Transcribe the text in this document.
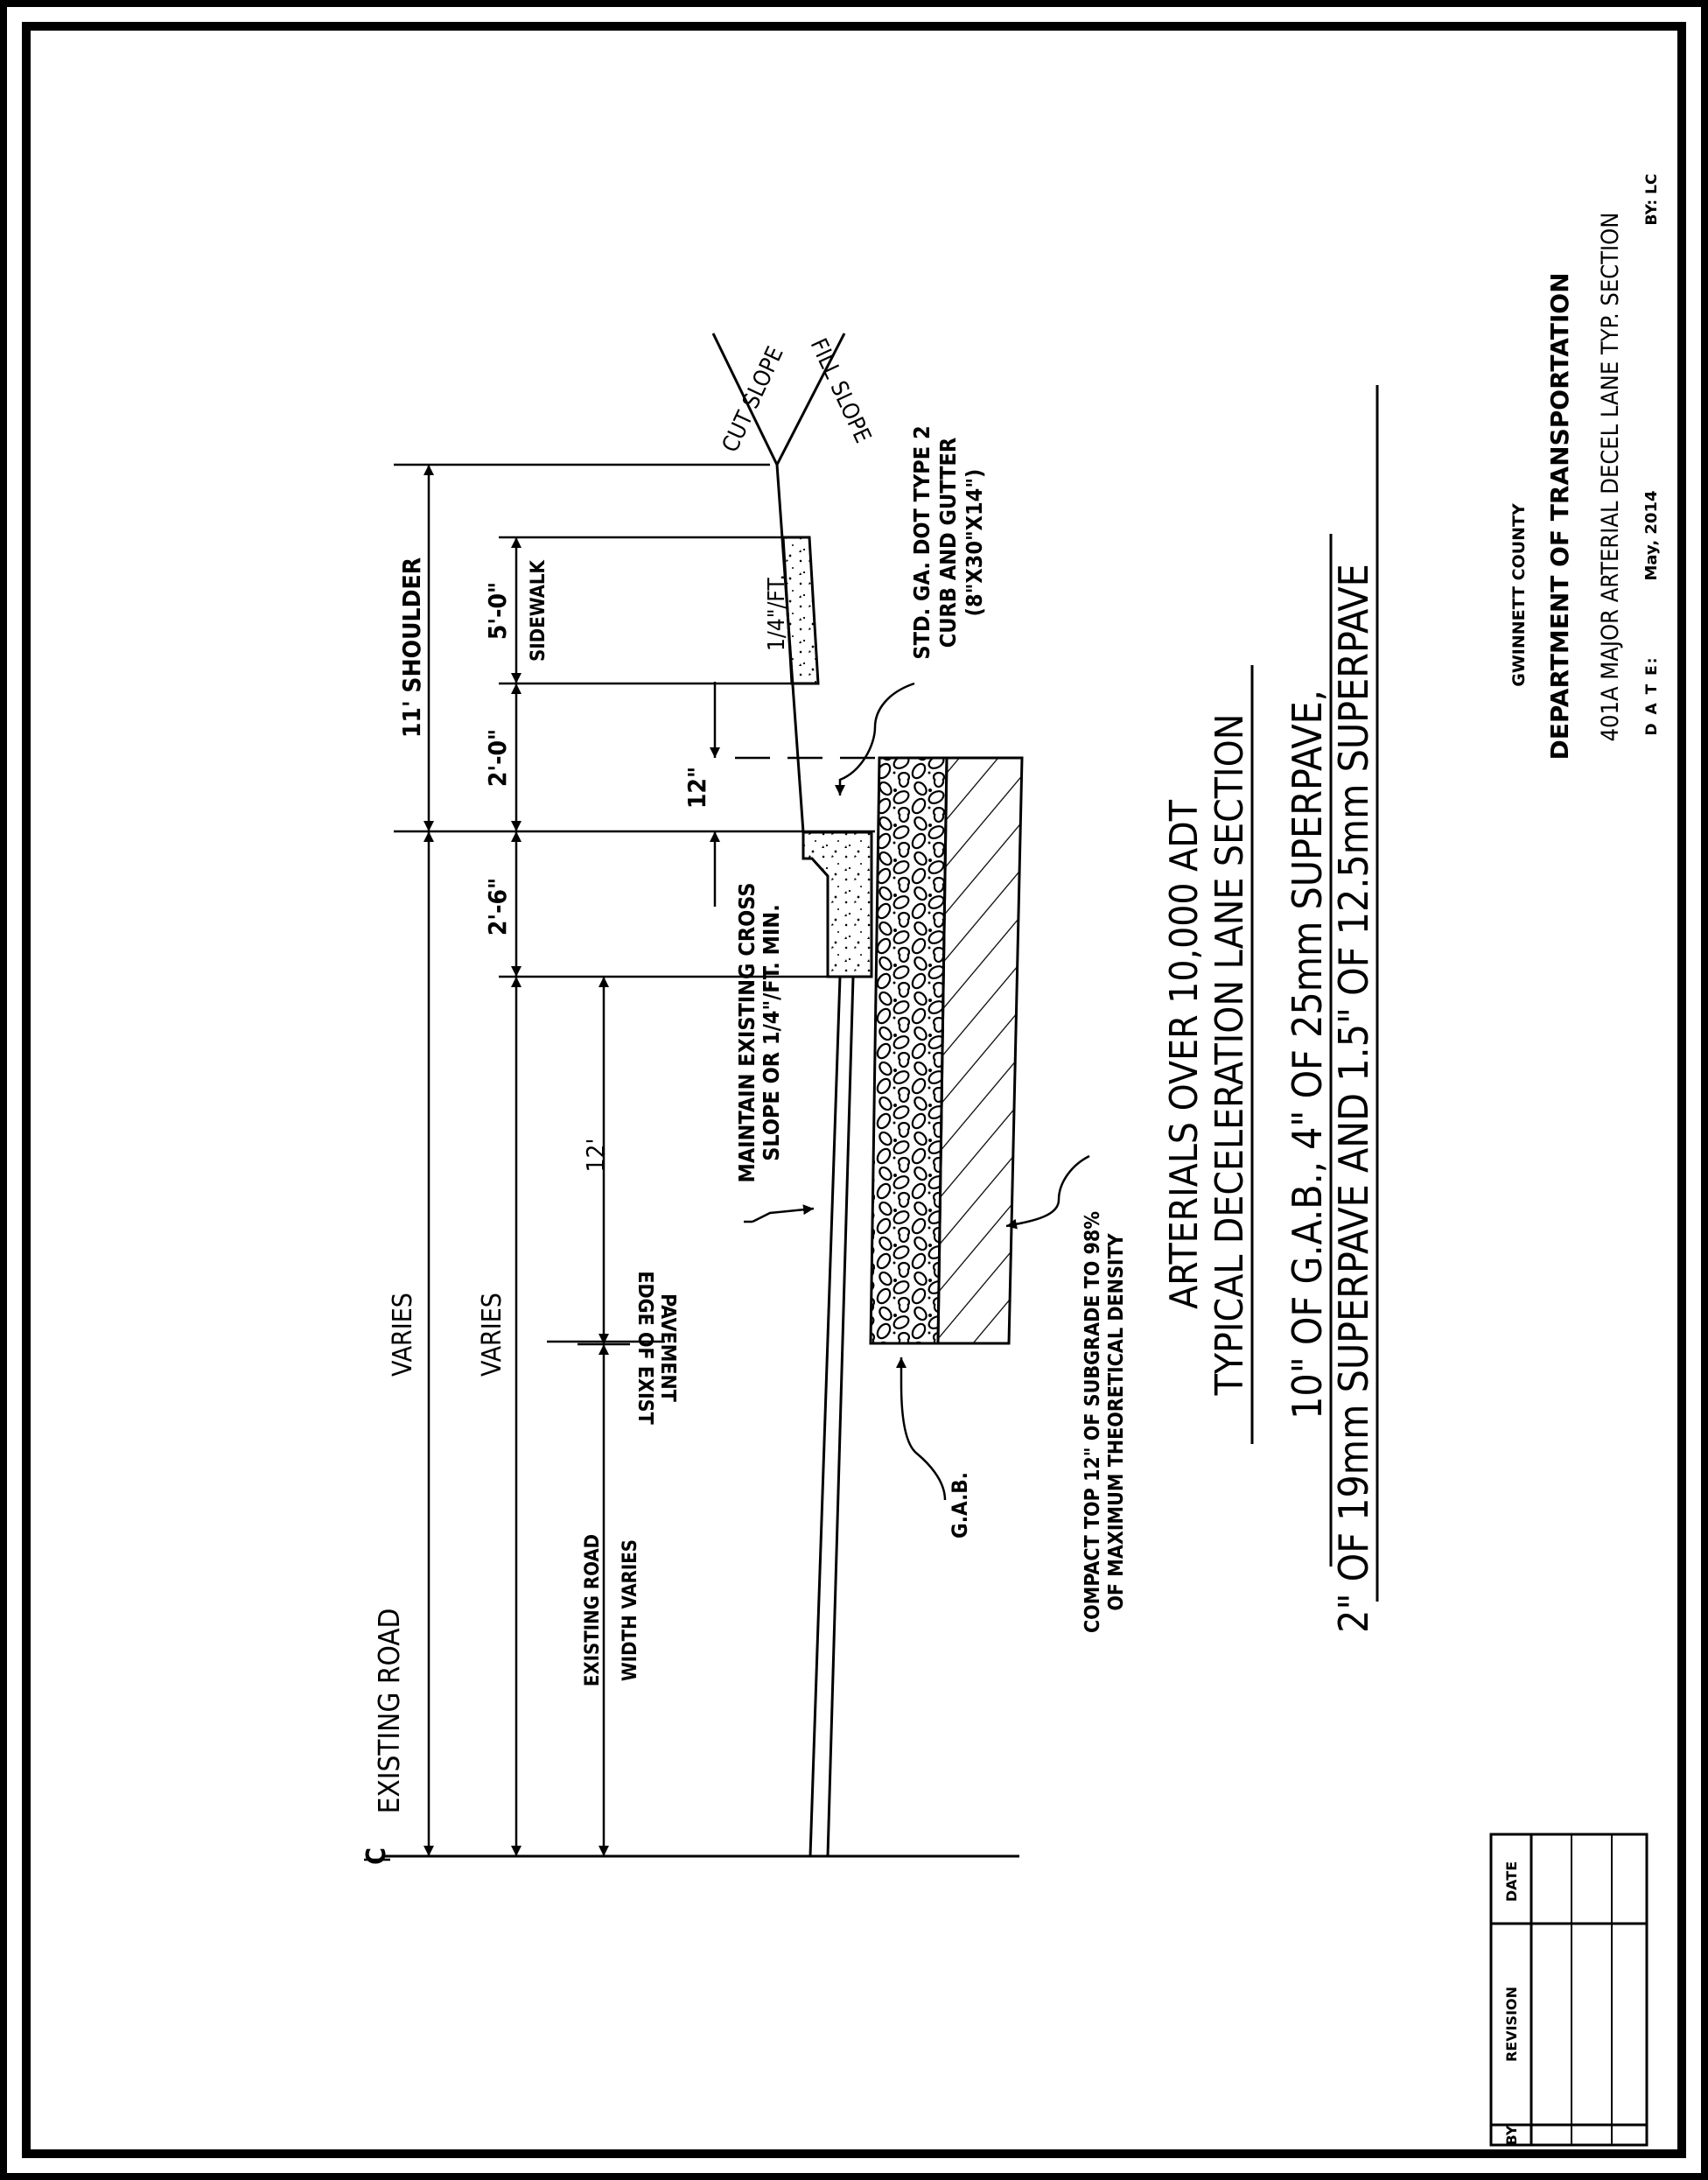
C
EXISTING ROAD
VARIES VARIES
EXISTING ROAD WIDTH VARIES
12'
11' SHOULDER 5'-0" SIDEWALK
2'-0"
2'-6"
12"
1/4"/FT.
CUT SLOPE FILL SLOPE
STD. GA. DOT TYPE 2 CURB AND GUTTER (8"X30"X14")
MAINTAIN EXISTING CROSS SLOPE OR 1/4"/FT. MIN.
EDGE OF EXIST PAVEMENT
G.A.B.	COMPACT TOP 12" OF SUBGRADE TO 98% OF MAXIMUM THEORETICAL DENSITY
ARTERIALS OVER 10,000 ADT TYPICAL DECELERATION LANE SECTION 10" OF G.A.B., 4" OF 25mm SUPERPAVE, 2" OF 19mm SUPERPAVE AND 1.5" OF 12.5mm SUPERPAVE	GWINNETT COUNTY DEPARTMENT OF TRANSPORTATION 401A MAJOR ARTERIAL DECEL LANE TYP. SECTION D A T E:
May, 2014
BY: LC
BY
REVISION
DATE
